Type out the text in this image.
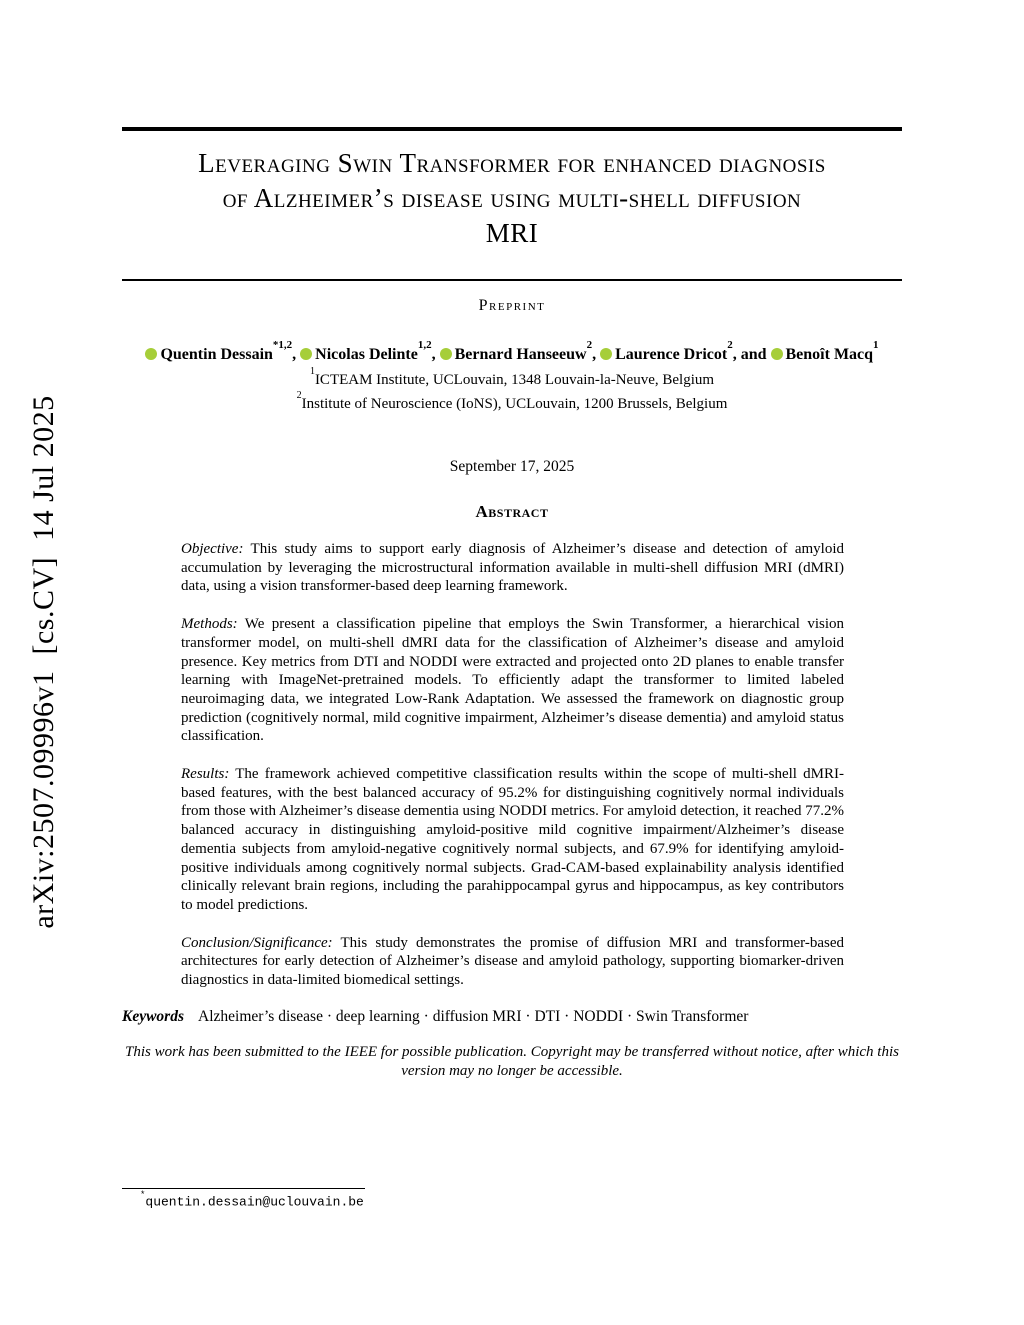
arXiv:2507.09996v1  [cs.CV]  14 Jul 2025
Leveraging Swin Transformer for enhanced diagnosis
of Alzheimer’s disease using multi-shell diffusion
MRI
Preprint
Quentin Dessain$^{*1,2}$, Nicolas Delinte$^{1,2}$, Bernard Hanseeuw$^2$, Laurence Dricot$^2$, and Benoît Macq$^1$
$^1$ICTEAM Institute, UCLouvain, 1348 Louvain-la-Neuve, Belgium
$^2$Institute of Neuroscience (IoNS), UCLouvain, 1200 Brussels, Belgium
September 17, 2025
Abstract

Objective: This study aims to support early diagnosis of Alzheimer’s disease and detection of amyloid accumulation by leveraging the microstructural information available in multi-shell diffusion MRI (dMRI) data, using a vision transformer-based deep learning framework.

Methods: We present a classification pipeline that employs the Swin Transformer, a hierarchical vision transformer model, on multi-shell dMRI data for the classification of Alzheimer’s disease and amyloid presence. Key metrics from DTI and NODDI were extracted and projected onto 2D planes to enable transfer learning with ImageNet-pretrained models. To efficiently adapt the transformer to limited labeled neuroimaging data, we integrated Low-Rank Adaptation. We assessed the framework on diagnostic group prediction (cognitively normal, mild cognitive impairment, Alzheimer’s disease dementia) and amyloid status classification.

Results: The framework achieved competitive classification results within the scope of multi-shell dMRI-based features, with the best balanced accuracy of 95.2% for distinguishing cognitively normal individuals from those with Alzheimer’s disease dementia using NODDI metrics. For amyloid detection, it reached 77.2% balanced accuracy in distinguishing amyloid-positive mild cognitive impairment/Alzheimer’s disease dementia subjects from amyloid-negative cognitively normal subjects, and 67.9% for identifying amyloid-positive individuals among cognitively normal subjects. Grad-CAM-based explainability analysis identified clinically relevant brain regions, including the parahippocampal gyrus and hippocampus, as key contributors to model predictions.

Conclusion/Significance: This study demonstrates the promise of diffusion MRI and transformer-based architectures for early detection of Alzheimer’s disease and amyloid pathology, supporting biomarker-driven diagnostics in data-limited biomedical settings.

Keywords Alzheimer’s disease · deep learning · diffusion MRI · DTI · NODDI · Swin Transformer
This work has been submitted to the IEEE for possible publication. Copyright may be transferred without notice, after which this version may no longer be accessible.
*quentin.dessain@uclouvain.be
